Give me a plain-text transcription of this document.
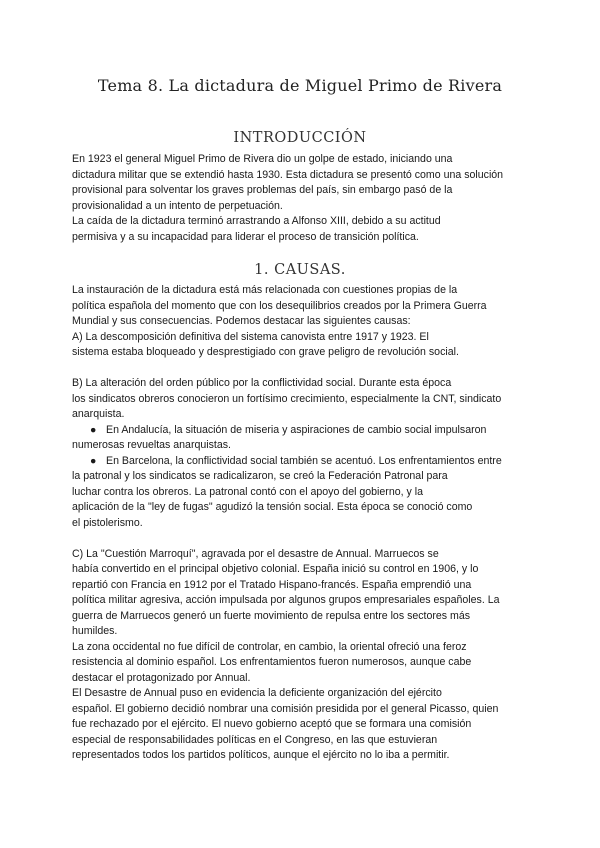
Tema 8. La dictadura de Miguel Primo de Rivera
INTRODUCCIÓN
En 1923 el general Miguel Primo de Rivera dio un golpe de estado, iniciando una
dictadura militar que se extendió hasta 1930. Esta dictadura se presentó como una solución
provisional para solventar los graves problemas del país, sin embargo pasó de la
provisionalidad a un intento de perpetuación.
La caída de la dictadura terminó arrastrando a Alfonso XIII, debido a su actitud
permisiva y a su incapacidad para liderar el proceso de transición política.
1. CAUSAS.
La instauración de la dictadura está más relacionada con cuestiones propias de la
política española del momento que con los desequilibrios creados por la Primera Guerra
Mundial y sus consecuencias. Podemos destacar las siguientes causas:
A) La descomposición definitiva del sistema canovista entre 1917 y 1923. El
sistema estaba bloqueado y desprestigiado con grave peligro de revolución social.
B) La alteración del orden público por la conflictividad social. Durante esta época
los sindicatos obreros conocieron un fortísimo crecimiento, especialmente la CNT, sindicato
anarquista.
● En Andalucía, la situación de miseria y aspiraciones de cambio social impulsaron
numerosas revueltas anarquistas.
● En Barcelona, la conflictividad social también se acentuó. Los enfrentamientos entre
la patronal y los sindicatos se radicalizaron, se creó la Federación Patronal para
luchar contra los obreros. La patronal contó con el apoyo del gobierno, y la
aplicación de la "ley de fugas" agudizó la tensión social. Esta época se conoció como
el pistolerismo.
C) La "Cuestión Marroquí", agravada por el desastre de Annual. Marruecos se
había convertido en el principal objetivo colonial. España inició su control en 1906, y lo
repartió con Francia en 1912 por el Tratado Hispano-francés. España emprendió una
política militar agresiva, acción impulsada por algunos grupos empresariales españoles. La
guerra de Marruecos generó un fuerte movimiento de repulsa entre los sectores más
humildes.
La zona occidental no fue difícil de controlar, en cambio, la oriental ofreció una feroz
resistencia al dominio español. Los enfrentamientos fueron numerosos, aunque cabe
destacar el protagonizado por Annual.
El Desastre de Annual puso en evidencia la deficiente organización del ejército
español. El gobierno decidió nombrar una comisión presidida por el general Picasso, quien
fue rechazado por el ejército. El nuevo gobierno aceptó que se formara una comisión
especial de responsabilidades políticas en el Congreso, en las que estuvieran
representados todos los partidos políticos, aunque el ejército no lo iba a permitir.
